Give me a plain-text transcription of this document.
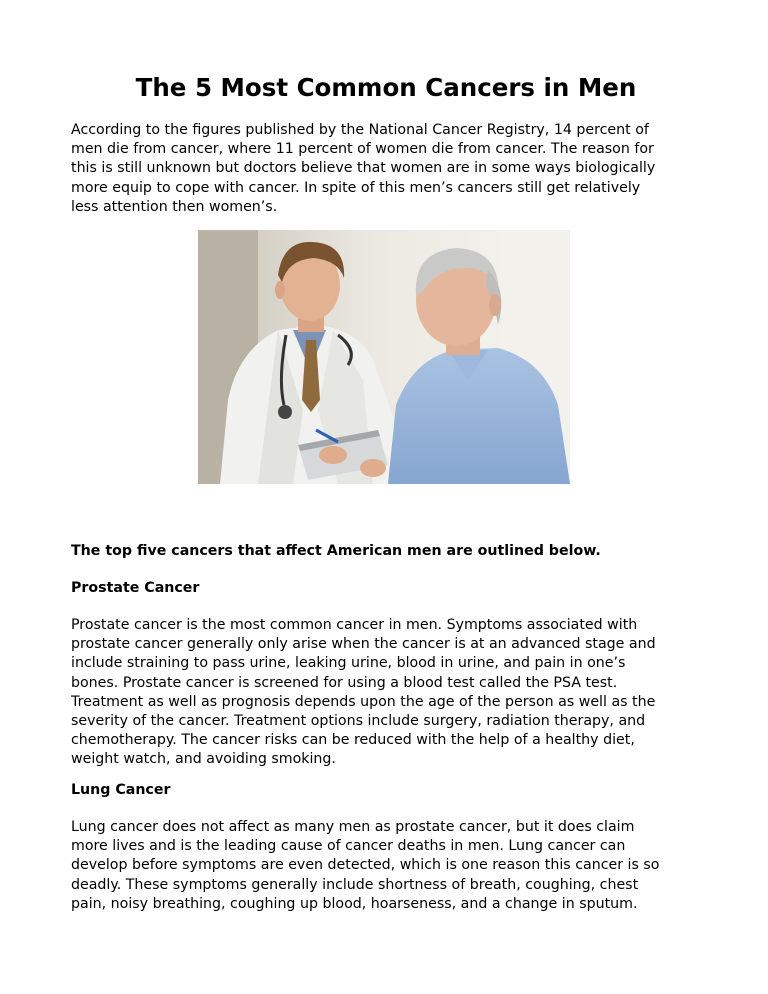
The 5 Most Common Cancers in Men

According to the figures published by the National Cancer Registry, 14 percent of
men die from cancer, where 11 percent of women die from cancer. The reason for
this is still unknown but doctors believe that women are in some ways biologically
more equip to cope with cancer. In spite of this men’s cancers still get relatively
less attention then women’s.

The top five cancers that affect American men are outlined below.

Prostate Cancer

Prostate cancer is the most common cancer in men. Symptoms associated with
prostate cancer generally only arise when the cancer is at an advanced stage and
include straining to pass urine, leaking urine, blood in urine, and pain in one’s
bones. Prostate cancer is screened for using a blood test called the PSA test.
Treatment as well as prognosis depends upon the age of the person as well as the
severity of the cancer. Treatment options include surgery, radiation therapy, and
chemotherapy. The cancer risks can be reduced with the help of a healthy diet,
weight watch, and avoiding smoking.

Lung Cancer

Lung cancer does not affect as many men as prostate cancer, but it does claim
more lives and is the leading cause of cancer deaths in men. Lung cancer can
develop before symptoms are even detected, which is one reason this cancer is so
deadly. These symptoms generally include shortness of breath, coughing, chest
pain, noisy breathing, coughing up blood, hoarseness, and a change in sputum.
